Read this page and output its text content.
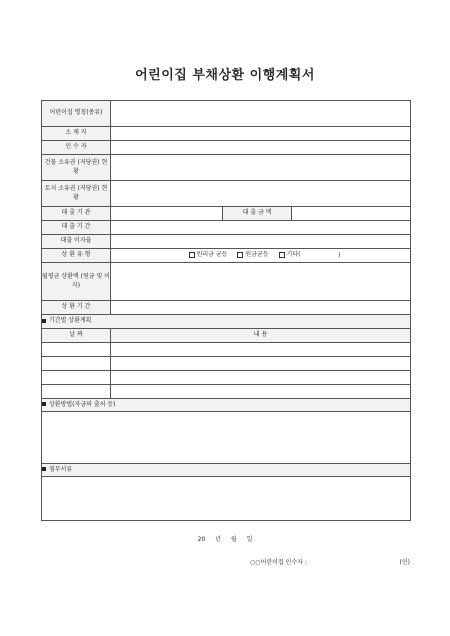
어린이집 부채상환 이행계획서
어린이집 명칭(종류)			
소 재 지			
인 수 자			
건물 소유권 (저당권) 현황			
토지 소유권 (저당권) 현황			
대 출 기 관		대 출 금 액	
대 출 기 간			
대출 이자율			
상 환 유 형	원리금 균등 원금균등 기타( )		
월평균 상환액 (원금 및 이자)			
상 환 기 간			
기간별 상환계획			
날 짜	내 용		

상환방법(자금의 출처 등)			

첨부서류			

20 년 월 일
○○어린이집 인수자 :	(인)
